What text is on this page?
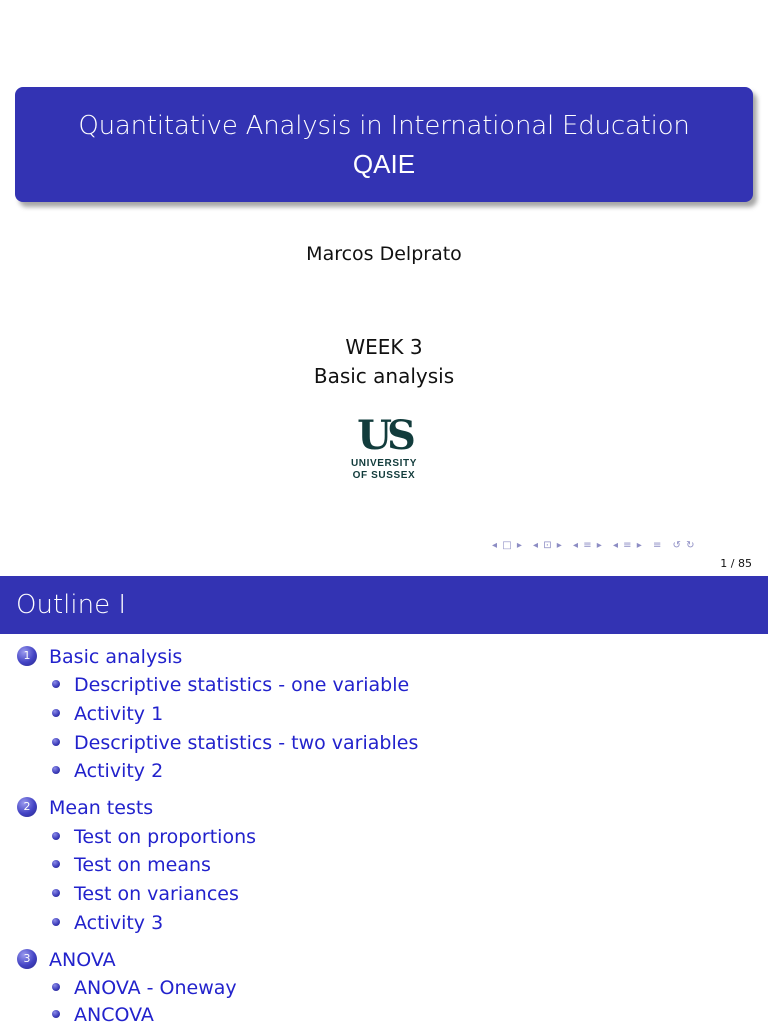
Quantitative Analysis in International Education
QAIE
Marcos Delprato
WEEK 3
Basic analysis
US
UNIVERSITY
OF SUSSEX
◂ □ ▸ ◂ ⊡ ▸ ◂ ≡ ▸ ◂ ≡ ▸ ≡ ↺ ↻
1 / 85
Outline I
1 Basic analysis
Descriptive statistics - one variable
Activity 1
Descriptive statistics - two variables
Activity 2
2 Mean tests
Test on proportions
Test on means
Test on variances
Activity 3
3 ANOVA
ANOVA - Oneway
ANCOVA
